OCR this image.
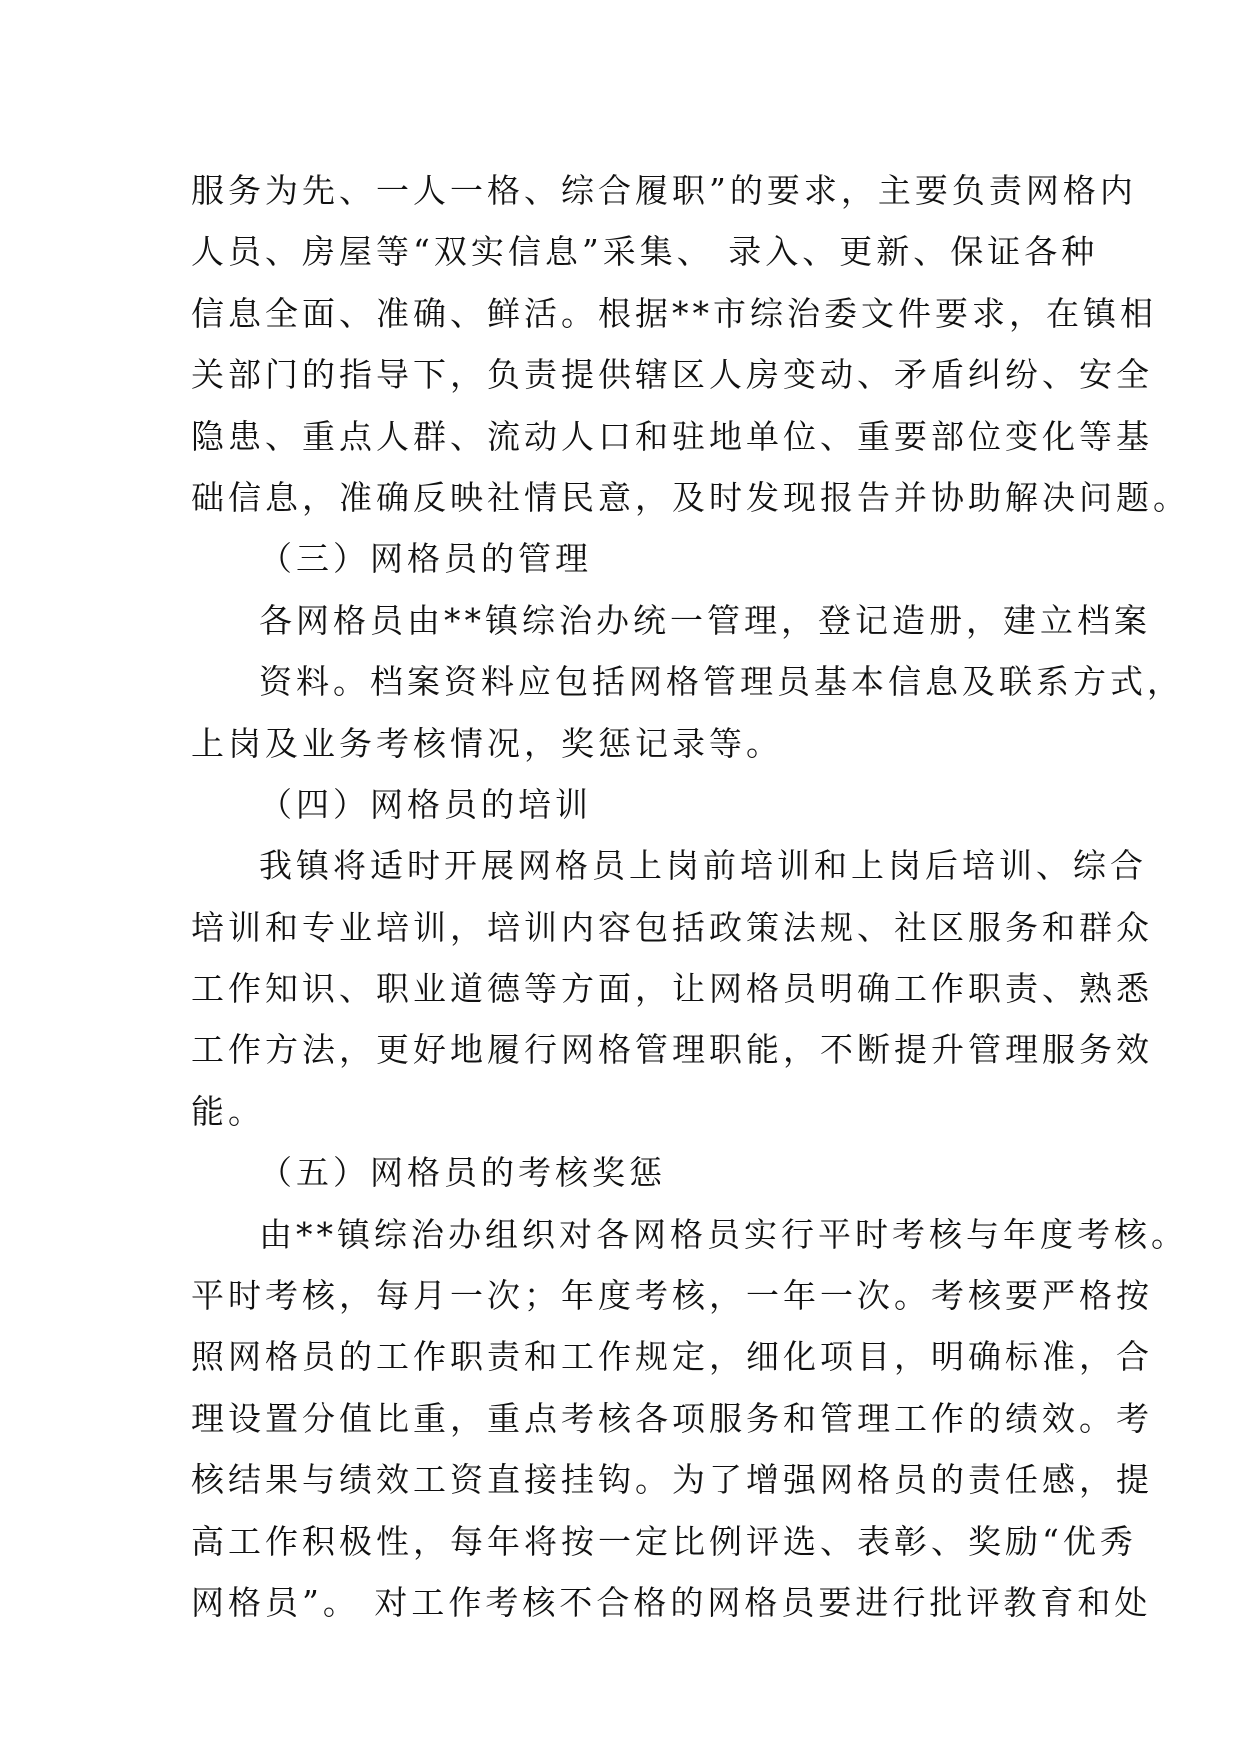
服务为先、一人一格、综合履职”的要求，主要负责网格内
人员、房屋等“双实信息”采集、 录入、更新、保证各种
信息全面、准确、鲜活。根据**市综治委文件要求，在镇相
关部门的指导下，负责提供辖区人房变动、矛盾纠纷、安全
隐患、重点人群、流动人口和驻地单位、重要部位变化等基
础信息，准确反映社情民意，及时发现报告并协助解决问题。
（三）网格员的管理
各网格员由**镇综治办统一管理，登记造册，建立档案
资料。档案资料应包括网格管理员基本信息及联系方式，
上岗及业务考核情况，奖惩记录等。
（四）网格员的培训
我镇将适时开展网格员上岗前培训和上岗后培训、综合
培训和专业培训，培训内容包括政策法规、社区服务和群众
工作知识、职业道德等方面，让网格员明确工作职责、熟悉
工作方法，更好地履行网格管理职能，不断提升管理服务效
能。
（五）网格员的考核奖惩
由**镇综治办组织对各网格员实行平时考核与年度考核。
平时考核，每月一次；年度考核，一年一次。考核要严格按
照网格员的工作职责和工作规定，细化项目，明确标准，合
理设置分值比重，重点考核各项服务和管理工作的绩效。考
核结果与绩效工资直接挂钩。为了增强网格员的责任感，提
高工作积极性，每年将按一定比例评选、表彰、奖励“优秀
网格员”。 对工作考核不合格的网格员要进行批评教育和处
